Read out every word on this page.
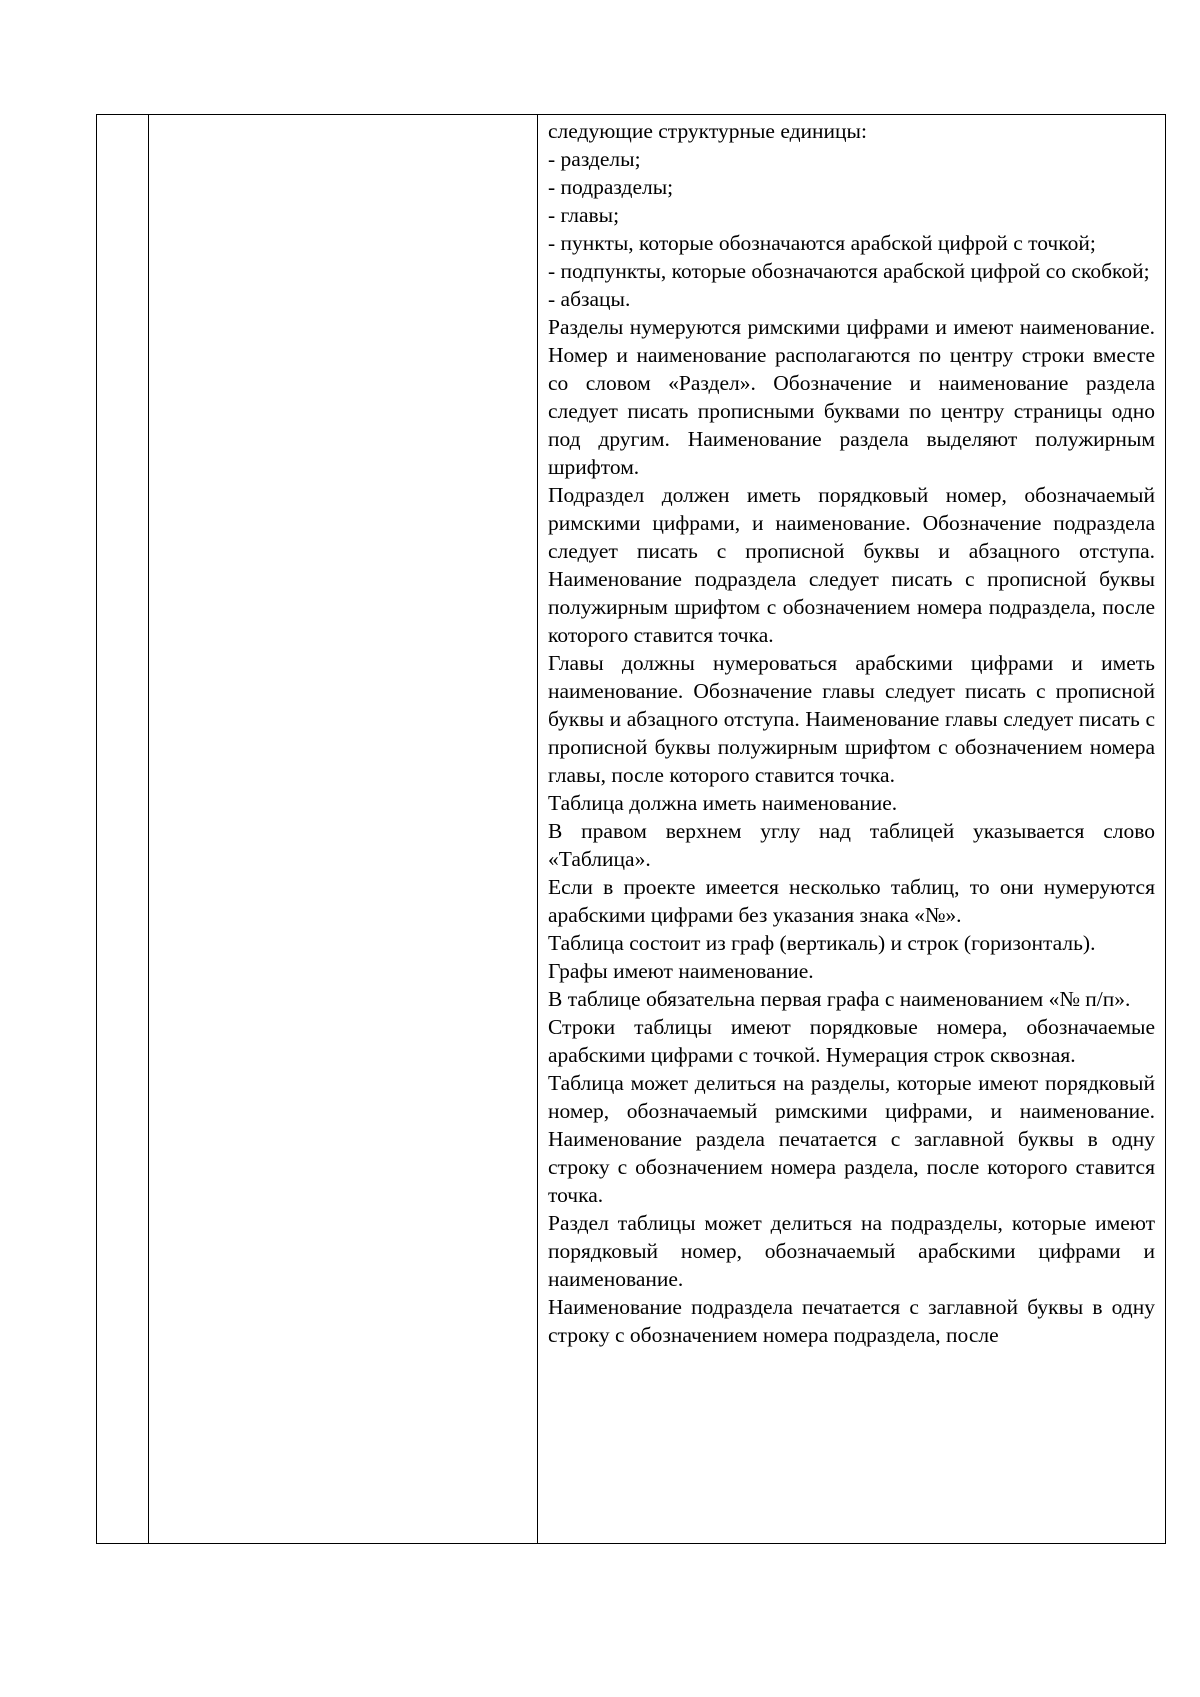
следующие структурные единицы:

- разделы;

- подразделы;

- главы;

- пункты, которые обозначаются арабской цифрой с точкой;

- подпункты, которые обозначаются арабской цифрой со скобкой;

- абзацы.

Разделы нумеруются римскими цифрами и имеют наименование. Номер и наименование располагаются по центру строки вместе со словом «Раздел». Обозначение и наименование раздела следует писать прописными буквами по центру страницы одно под другим. Наименование раздела выделяют полужирным шрифтом.

Подраздел должен иметь порядковый номер, обозначаемый римскими цифрами, и наименование. Обозначение подраздела следует писать с прописной буквы и абзацного отступа. Наименование подраздела следует писать с прописной буквы полужирным шрифтом с обозначением номера подраздела, после которого ставится точка.

Главы должны нумероваться арабскими цифрами и иметь наименование. Обозначение главы следует писать с прописной буквы и абзацного отступа. Наименование главы следует писать с прописной буквы полужирным шрифтом с обозначением номера главы, после которого ставится точка.

Таблица должна иметь наименование.

В правом верхнем углу над таблицей указывается слово «Таблица».

Если в проекте имеется несколько таблиц, то они нумеруются арабскими цифрами без указания знака «№».

Таблица состоит из граф (вертикаль) и строк (горизонталь).

Графы имеют наименование.

В таблице обязательна первая графа с наименованием «№ п/п».

Строки таблицы имеют порядковые номера, обозначаемые арабскими цифрами с точкой. Нумерация строк сквозная.

Таблица может делиться на разделы, которые имеют порядковый номер, обозначаемый римскими цифрами, и наименование. Наименование раздела печатается с заглавной буквы в одну строку с обозначением номера раздела, после которого ставится точка.

Раздел таблицы может делиться на подразделы, которые имеют порядковый номер, обозначаемый арабскими цифрами и наименование.

Наименование подраздела печатается с заглавной буквы в одну строку с обозначением номера подраздела, после
